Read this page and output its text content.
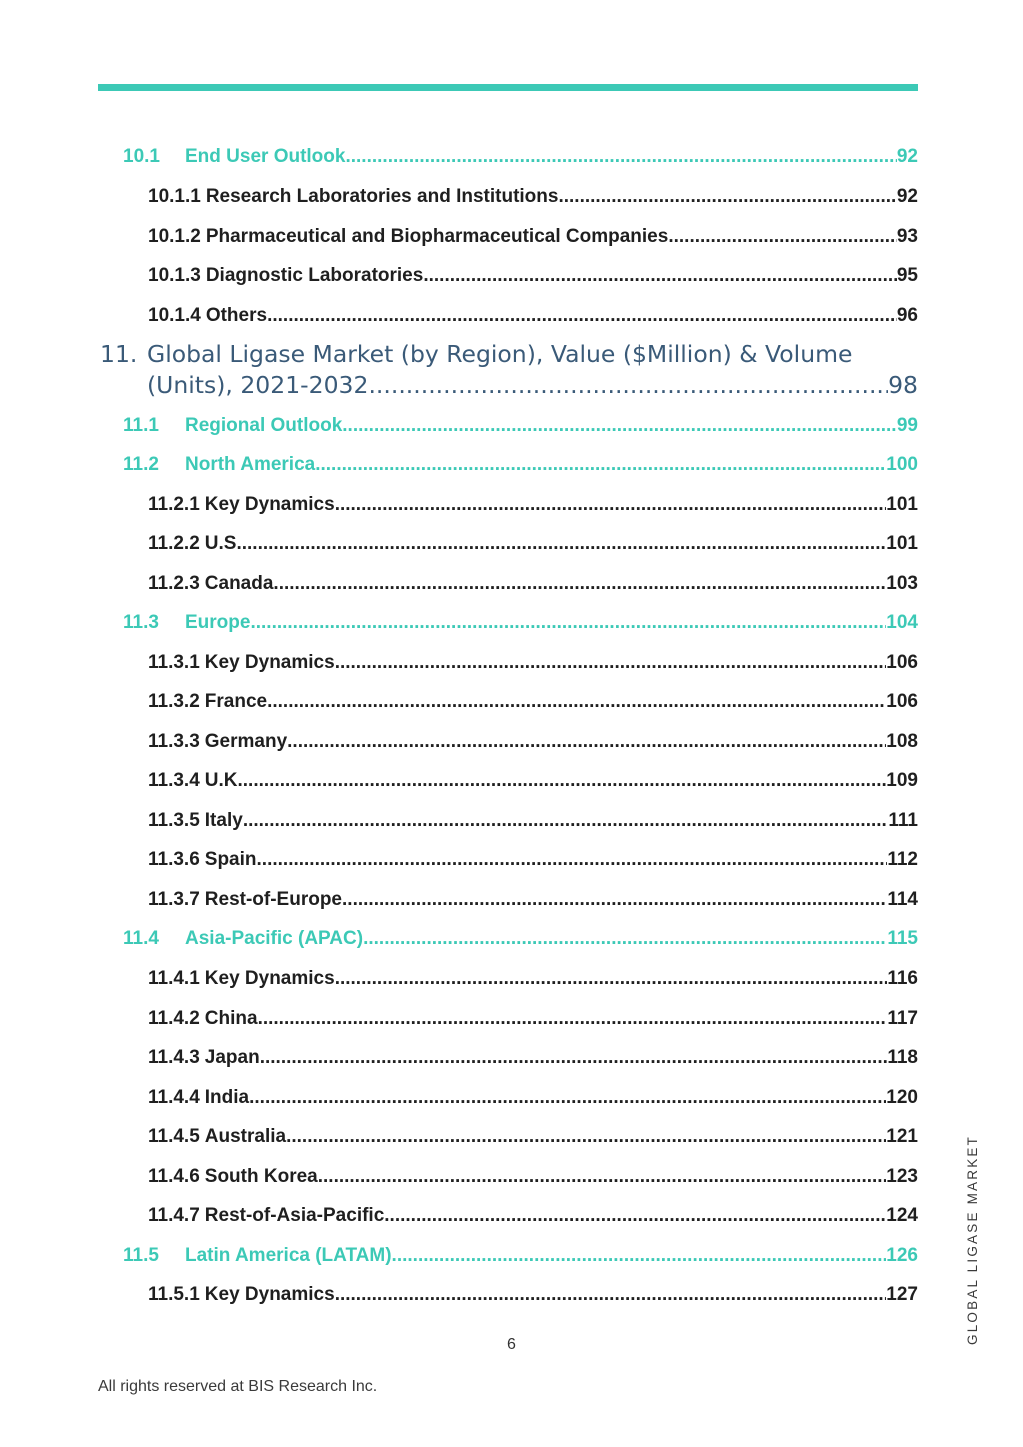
10.1	End User Outlook .....	92
10.1.1 Research Laboratories and Institutions .....	92
10.1.2 Pharmaceutical and Biopharmaceutical Companies .....	93
10.1.3 Diagnostic Laboratories .....	95
10.1.4 Others .....	96
11. Global Ligase Market (by Region), Value ($Million) & Volume
(Units), 2021-2032 .....	98
11.1	Regional Outlook .....	99
11.2	North America .....	100
11.2.1 Key Dynamics .....	101
11.2.2 U.S .....	101
11.2.3 Canada .....	103
11.3	Europe .....	104
11.3.1 Key Dynamics .....	106
11.3.2 France .....	106
11.3.3 Germany .....	108
11.3.4 U.K. .....	109
11.3.5 Italy .....	111
11.3.6 Spain .....	112
11.3.7 Rest-of-Europe .....	114
11.4	Asia-Pacific (APAC) .....	115
11.4.1 Key Dynamics .....	116
11.4.2 China .....	117
11.4.3 Japan .....	118
11.4.4 India .....	120
11.4.5 Australia .....	121
11.4.6 South Korea .....	123
11.4.7 Rest-of-Asia-Pacific .....	124
11.5	Latin America (LATAM) .....	126
11.5.1 Key Dynamics .....	127
6
All rights reserved at BIS Research Inc.
GLOBAL LIGASE MARKET
